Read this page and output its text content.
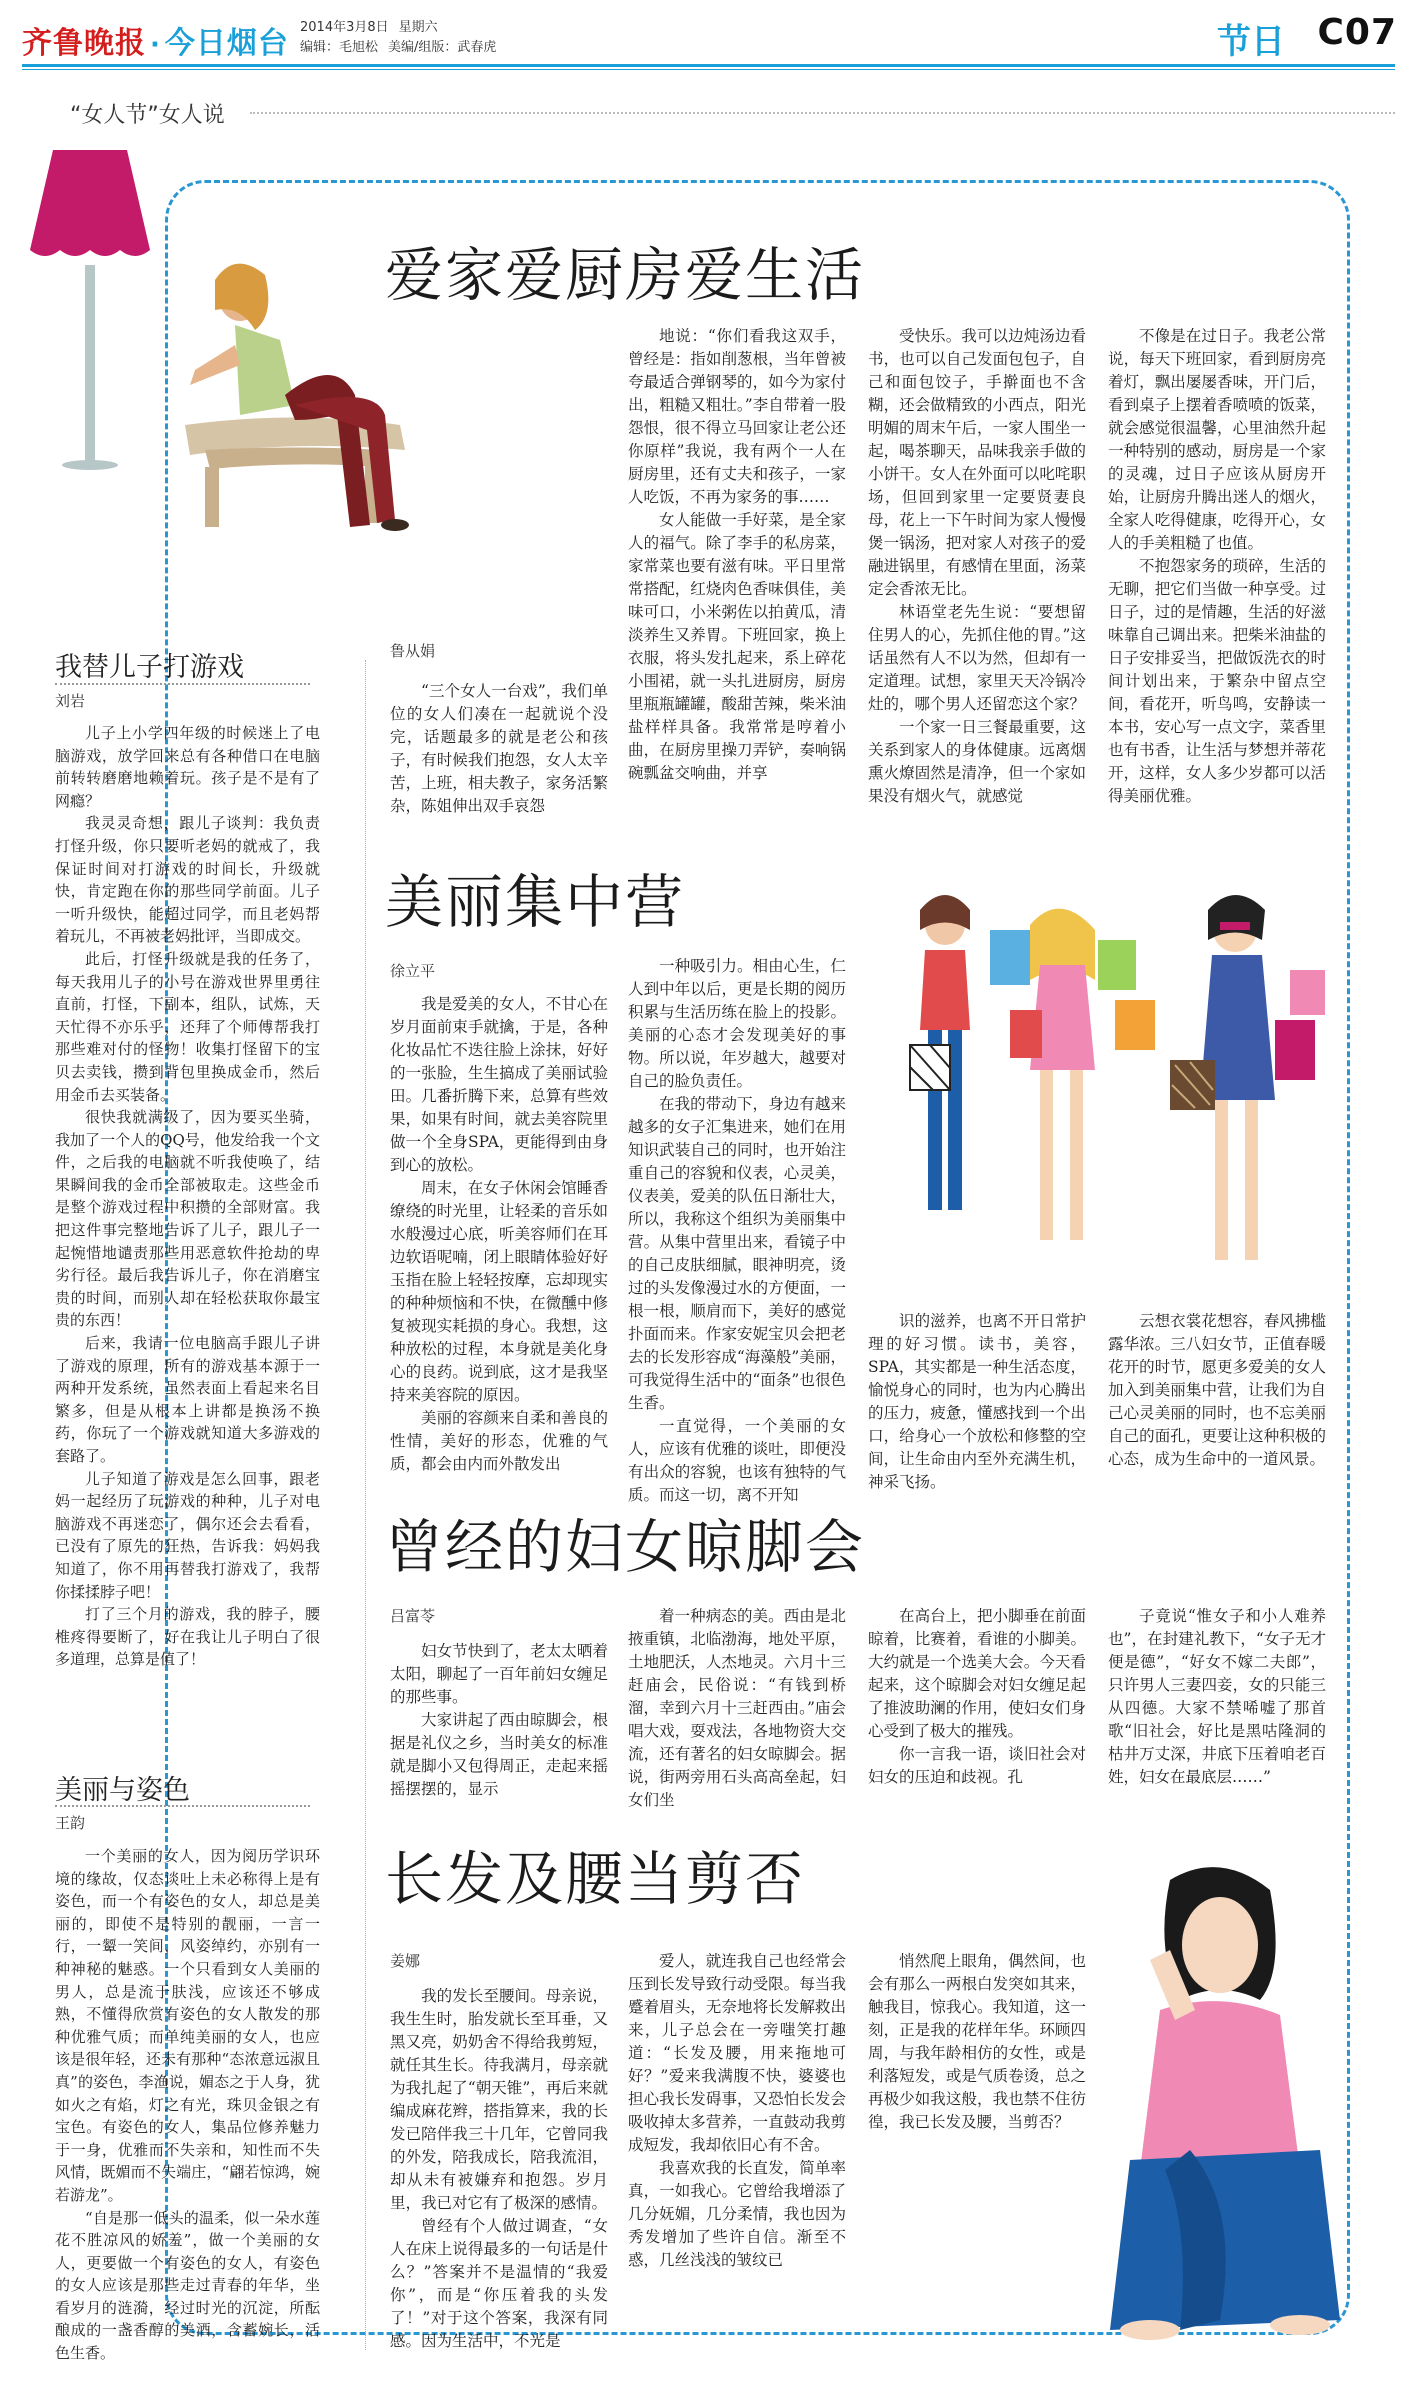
齐鲁晚报 · 今日烟台 2014年3月8日 星期六
编辑：毛旭松 美编/组版：武春虎	节日 C07
“女人节”女人说
我替儿子打游戏
刘岩

儿子上小学四年级的时候迷上了电脑游戏，放学回来总有各种借口在电脑前转转磨磨地赖着玩。孩子是不是有了网瘾？

我灵灵奇想，跟儿子谈判：我负责打怪升级，你只要听老妈的就戒了，我保证时间对打游戏的时间长，升级就快，肯定跑在你的那些同学前面。儿子一听升级快，能超过同学，而且老妈帮着玩儿，不再被老妈批评，当即成交。

此后，打怪升级就是我的任务了，每天我用儿子的小号在游戏世界里勇往直前，打怪，下副本，组队，试炼，天天忙得不亦乐乎，还拜了个师傅帮我打那些难对付的怪物！收集打怪留下的宝贝去卖钱，攒到背包里换成金币，然后用金币去买装备。

很快我就满级了，因为要买坐骑，我加了一个人的QQ号，他发给我一个文件，之后我的电脑就不听我使唤了，结果瞬间我的金币全部被取走。这些金币是整个游戏过程中积攒的全部财富。我把这件事完整地告诉了儿子，跟儿子一起惋惜地谴责那些用恶意软件抢劫的卑劣行径。最后我告诉儿子，你在消磨宝贵的时间，而别人却在轻松获取你最宝贵的东西！

后来，我请一位电脑高手跟儿子讲了游戏的原理，所有的游戏基本源于一两种开发系统，虽然表面上看起来名目繁多，但是从根本上讲都是换汤不换药，你玩了一个游戏就知道大多游戏的套路了。

儿子知道了游戏是怎么回事，跟老妈一起经历了玩游戏的种种，儿子对电脑游戏不再迷恋了，偶尔还会去看看，已没有了原先的狂热，告诉我：妈妈我知道了，你不用再替我打游戏了，我帮你揉揉脖子吧！

打了三个月的游戏，我的脖子，腰椎疼得要断了，好在我让儿子明白了很多道理，总算是值了！

美丽与姿色
王韵

一个美丽的女人，因为阅历学识环境的缘故，仅态谈吐上未必称得上是有姿色，而一个有姿色的女人，却总是美丽的，即使不是特别的靓丽，一言一行，一颦一笑间，风姿绰约，亦别有一种神秘的魅惑。一个只看到女人美丽的男人，总是流于肤浅，应该还不够成熟，不懂得欣赏有姿色的女人散发的那种优雅气质；而单纯美丽的女人，也应该是很年轻，还未有那种“态浓意远淑且真”的姿色，李渔说，媚态之于人身，犹如火之有焰，灯之有光，珠贝金银之有宝色。有姿色的女人，集品位修养魅力于一身，优雅而不失亲和，知性而不失风情，既媚而不失端庄，“翩若惊鸿，婉若游龙”。

“自是那一低头的温柔，似一朵水莲花不胜凉风的娇羞”，做一个美丽的女人，更要做一个有姿色的女人，有姿色的女人应该是那些走过青春的年华，坐看岁月的涟漪，经过时光的沉淀，所酝酿成的一盏香醇的美酒，含蓄婉长，活色生香。

爱家爱厨房爱生活
鲁从娟

“三个女人一台戏”，我们单位的女人们凑在一起就说个没完，话题最多的就是老公和孩子，有时候我们抱怨，女人太辛苦，上班，相夫教子，家务活繁杂，陈姐伸出双手哀怨

地说：“你们看我这双手，曾经是：指如削葱根，当年曾被夸最适合弹钢琴的，如今为家付出，粗糙又粗壮。”李自带着一股怨恨，很不得立马回家让老公还你原样”我说，我有两个一人在厨房里，还有丈夫和孩子，一家人吃饭，不再为家务的事……

女人能做一手好菜，是全家人的福气。除了李手的私房菜，家常菜也要有滋有味。平日里常常搭配，红烧肉色香味俱佳，美味可口，小米粥佐以拍黄瓜，清淡养生又养胃。下班回家，换上衣服，将头发扎起来，系上碎花小围裙，就一头扎进厨房，厨房里瓶瓶罐罐，酸甜苦辣，柴米油盐样样具备。我常常是哼着小曲，在厨房里操刀弄铲，奏响锅碗瓢盆交响曲，并享

受快乐。我可以边炖汤边看书，也可以自己发面包包子，自己和面包饺子，手擀面也不含糊，还会做精致的小西点，阳光明媚的周末午后，一家人围坐一起，喝茶聊天，品味我亲手做的小饼干。女人在外面可以叱咤职场，但回到家里一定要贤妻良母，花上一下午时间为家人慢慢煲一锅汤，把对家人对孩子的爱融进锅里，有感情在里面，汤菜定会香浓无比。

林语堂老先生说：“要想留住男人的心，先抓住他的胃。”这话虽然有人不以为然，但却有一定道理。试想，家里天天冷锅冷灶的，哪个男人还留恋这个家？

一个家一日三餐最重要，这关系到家人的身体健康。远离烟熏火燎固然是清净，但一个家如果没有烟火气，就感觉

不像是在过日子。我老公常说，每天下班回家，看到厨房亮着灯，飘出屡屡香味，开门后，看到桌子上摆着香喷喷的饭菜，就会感觉很温馨，心里油然升起一种特别的感动，厨房是一个家的灵魂，过日子应该从厨房开始，让厨房升腾出迷人的烟火，全家人吃得健康，吃得开心，女人的手美粗糙了也值。

不抱怨家务的琐碎，生活的无聊，把它们当做一种享受。过日子，过的是情趣，生活的好滋味靠自己调出来。把柴米油盐的日子安排妥当，把做饭洗衣的时间计划出来，于繁杂中留点空间，看花开，听鸟鸣，安静读一本书，安心写一点文字，菜香里也有书香，让生活与梦想并蒂花开，这样，女人多少岁都可以活得美丽优雅。

美丽集中营
徐立平

我是爱美的女人，不甘心在岁月面前束手就擒，于是，各种化妆品忙不迭往脸上涂抹，好好的一张脸，生生搞成了美丽试验田。几番折腾下来，总算有些效果，如果有时间，就去美容院里做一个全身SPA，更能得到由身到心的放松。

周末，在女子休闲会馆睡香缭绕的时光里，让轻柔的音乐如水般漫过心底，听美容师们在耳边软语呢喃，闭上眼睛体验好好玉指在脸上轻轻按摩，忘却现实的种种烦恼和不快，在微醺中修复被现实耗损的身心。我想，这种放松的过程，本身就是美化身心的良药。说到底，这才是我坚持来美容院的原因。

美丽的容颜来自柔和善良的性情，美好的形态，优雅的气质，都会由内而外散发出

一种吸引力。相由心生，仁人到中年以后，更是长期的阅历积累与生活历练在脸上的投影。美丽的心态才会发现美好的事物。所以说，年岁越大，越要对自己的脸负责任。

在我的带动下，身边有越来越多的女子汇集进来，她们在用知识武装自己的同时，也开始注重自己的容貌和仪表，心灵美，仪表美，爱美的队伍日渐壮大，所以，我称这个组织为美丽集中营。从集中营里出来，看镜子中的自己皮肤细腻，眼神明亮，烫过的头发像漫过水的方便面，一根一根，顺肩而下，美好的感觉扑面而来。作家安妮宝贝会把老去的长发形容成“海藻般”美丽，可我觉得生活中的“面条”也很色生香。

一直觉得，一个美丽的女人，应该有优雅的谈吐，即便没有出众的容貌，也该有独特的气质。而这一切，离不开知

识的滋养，也离不开日常护理的好习惯。读书，美容，SPA，其实都是一种生活态度，愉悦身心的同时，也为内心腾出的压力，疲惫，懂感找到一个出口，给身心一个放松和修整的空间，让生命由内至外充满生机，神采飞扬。

云想衣裳花想容，春风拂槛露华浓。三八妇女节，正值春暖花开的时节，愿更多爱美的女人加入到美丽集中营，让我们为自己心灵美丽的同时，也不忘美丽自己的面孔，更要让这种积极的心态，成为生命中的一道风景。

曾经的妇女晾脚会
吕富苓

妇女节快到了，老太太晒着太阳，聊起了一百年前妇女缠足的那些事。

大家讲起了西由晾脚会，根据是礼仪之乡，当时美女的标准就是脚小又包得周正，走起来摇摇摆摆的，显示

着一种病态的美。西由是北掖重镇，北临渤海，地处平原，土地肥沃，人杰地灵。六月十三赶庙会，民俗说：“有钱到桥溜，幸到六月十三赶西由。”庙会唱大戏，耍戏法，各地物资大交流，还有著名的妇女晾脚会。据说，街两旁用石头高高垒起，妇女们坐

在高台上，把小脚垂在前面晾着，比赛着，看谁的小脚美。大约就是一个选美大会。今天看起来，这个晾脚会对妇女缠足起了推波助澜的作用，使妇女们身心受到了极大的摧残。

你一言我一语，谈旧社会对妇女的压迫和歧视。孔

子竟说“惟女子和小人难养也”，在封建礼教下，“女子无才便是德”，“好女不嫁二夫郎”，只许男人三妻四妾，女的只能三从四德。大家不禁唏嘘了那首歌“旧社会，好比是黑咕隆洞的枯井万丈深，井底下压着咱老百姓，妇女在最底层……”

长发及腰当剪否
姜娜

我的发长至腰间。母亲说，我生生时，胎发就长至耳垂，又黑又亮，奶奶舍不得给我剪短，就任其生长。待我满月，母亲就为我扎起了“朝天锥”，再后来就编成麻花辫，搭指算来，我的长发已陪伴我三十几年，它曾同我的外发，陪我成长，陪我流泪，却从未有被嫌弃和抱怨。岁月里，我已对它有了极深的感情。

曾经有个人做过调查，“女人在床上说得最多的一句话是什么？”答案并不是温情的“我爱你”，而是“你压着我的头发了！”对于这个答案，我深有同感。因为生活中，不光是

爱人，就连我自己也经常会压到长发导致行动受限。每当我蹙着眉头，无奈地将长发解救出来，儿子总会在一旁嗤笑打趣道：“长发及腰，用来拖地可好？”爱来我满腹不快，婆婆也担心我长发碍事，又恐怕长发会吸收掉太多营养，一直鼓动我剪成短发，我却依旧心有不舍。

我喜欢我的长直发，简单率真，一如我心。它曾给我增添了几分妩媚，几分柔情，我也因为秀发增加了些许自信。渐至不惑，几丝浅浅的皱纹已

悄然爬上眼角，偶然间，也会有那么一两根白发突如其来，触我目，惊我心。我知道，这一刻，正是我的花样年华。环顾四周，与我年龄相仿的女性，或是利落短发，或是气质卷烫，总之再极少如我这般，我也禁不住彷徨，我已长发及腰，当剪否？
